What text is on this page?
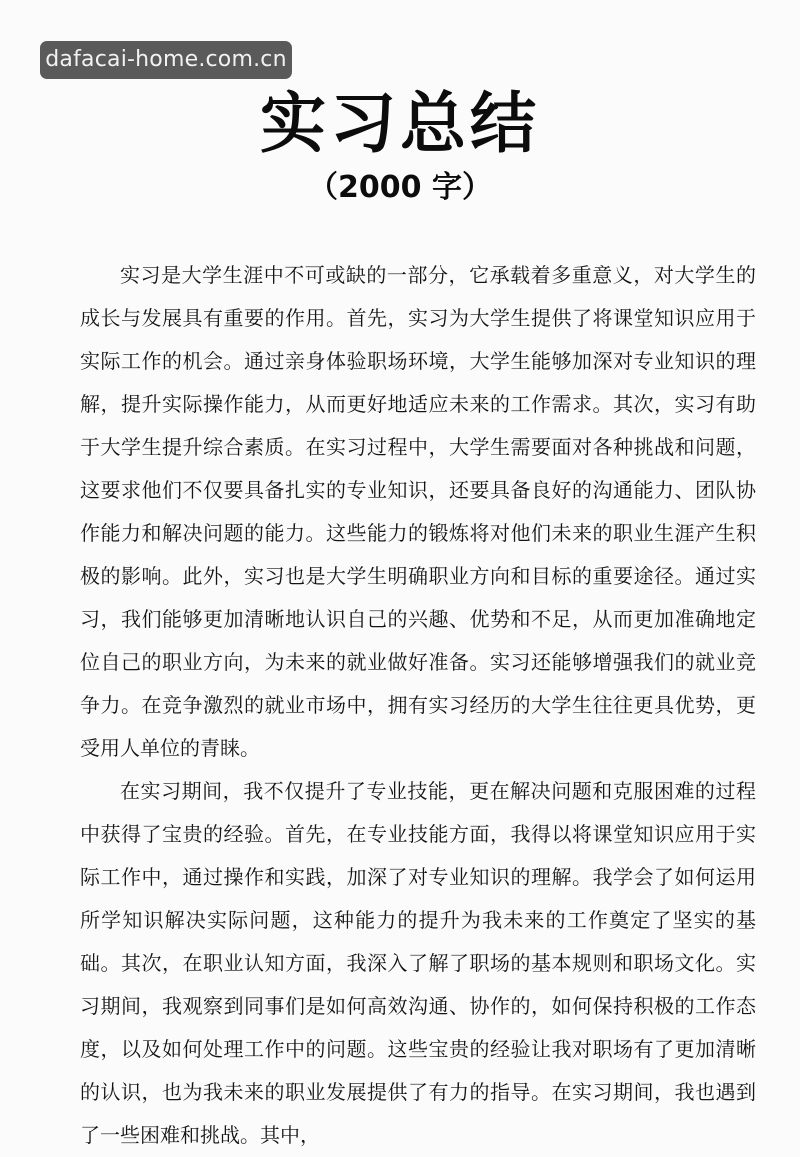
dafacai-home.com.cn
实习总结
（2000 字）

实习是大学生涯中不可或缺的一部分，它承载着多重意义，对大学生的成长与发展具有重要的作用。首先，实习为大学生提供了将课堂知识应用于实际工作的机会。通过亲身体验职场环境，大学生能够加深对专业知识的理解，提升实际操作能力，从而更好地适应未来的工作需求。其次，实习有助于大学生提升综合素质。在实习过程中，大学生需要面对各种挑战和问题，这要求他们不仅要具备扎实的专业知识，还要具备良好的沟通能力、团队协作能力和解决问题的能力。这些能力的锻炼将对他们未来的职业生涯产生积极的影响。此外，实习也是大学生明确职业方向和目标的重要途径。通过实习，我们能够更加清晰地认识自己的兴趣、优势和不足，从而更加准确地定位自己的职业方向，为未来的就业做好准备。实习还能够增强我们的就业竞争力。在竞争激烈的就业市场中，拥有实习经历的大学生往往更具优势，更受用人单位的青睐。

在实习期间，我不仅提升了专业技能，更在解决问题和克服困难的过程中获得了宝贵的经验。首先，在专业技能方面，我得以将课堂知识应用于实际工作中，通过操作和实践，加深了对专业知识的理解。我学会了如何运用所学知识解决实际问题，这种能力的提升为我未来的工作奠定了坚实的基础。其次，在职业认知方面，我深入了解了职场的基本规则和职场文化。实习期间，我观察到同事们是如何高效沟通、协作的，如何保持积极的工作态度，以及如何处理工作中的问题。这些宝贵的经验让我对职场有了更加清晰的认识，也为我未来的职业发展提供了有力的指导。在实习期间，我也遇到了一些困难和挑战。其中，
